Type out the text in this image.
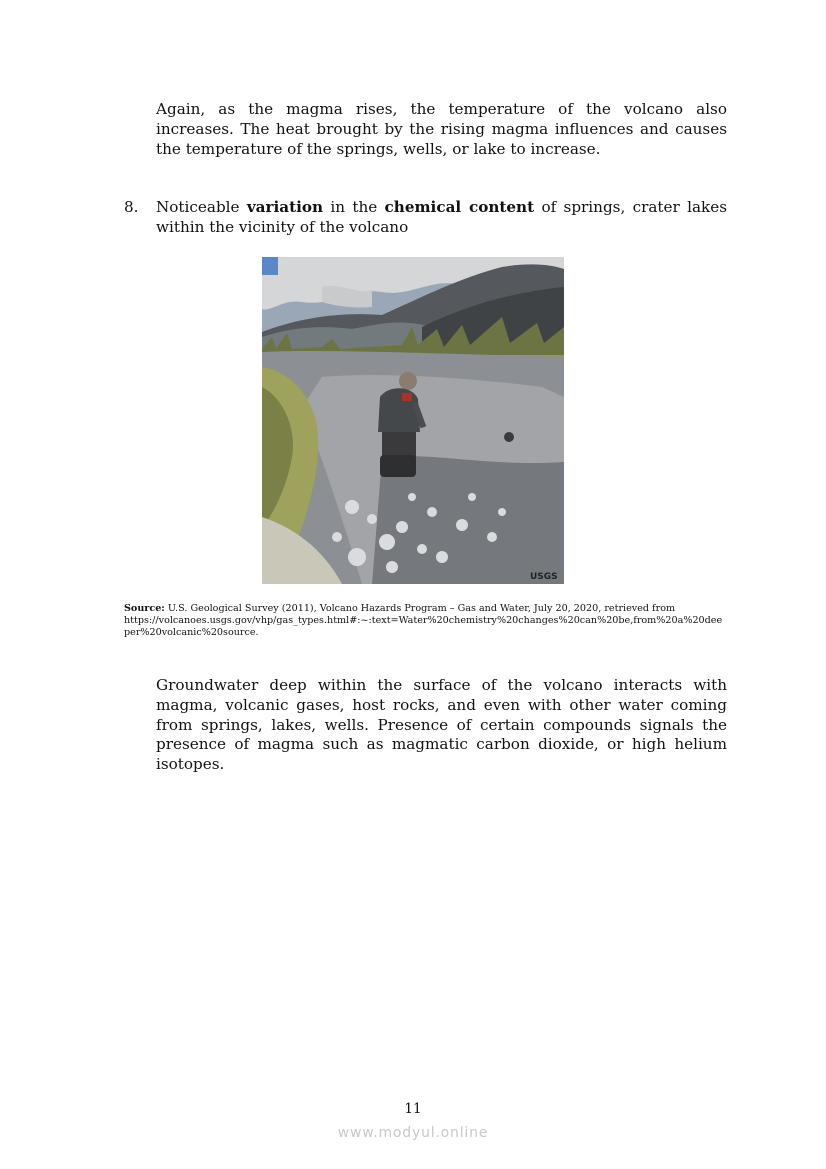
Again, as the magma rises, the temperature of the volcano also increases. The heat brought by the rising magma influences and causes the temperature of the springs, wells, or lake to increase.

8. Noticeable variation in the chemical content of springs, crater lakes within the vicinity of the volcano
USGS
Source: U.S. Geological Survey (2011), Volcano Hazards Program – Gas and Water, July 20, 2020, retrieved from
https://volcanoes.usgs.gov/vhp/gas_types.html#:~:text=Water%20chemistry%20changes%20can%20be,from%20a%20deeper%20volcanic%20source.

Groundwater deep within the surface of the volcano interacts with magma, volcanic gases, host rocks, and even with other water coming from springs, lakes, wells. Presence of certain compounds signals the presence of magma such as magmatic carbon dioxide, or high helium isotopes.

11
www.modyul.online
